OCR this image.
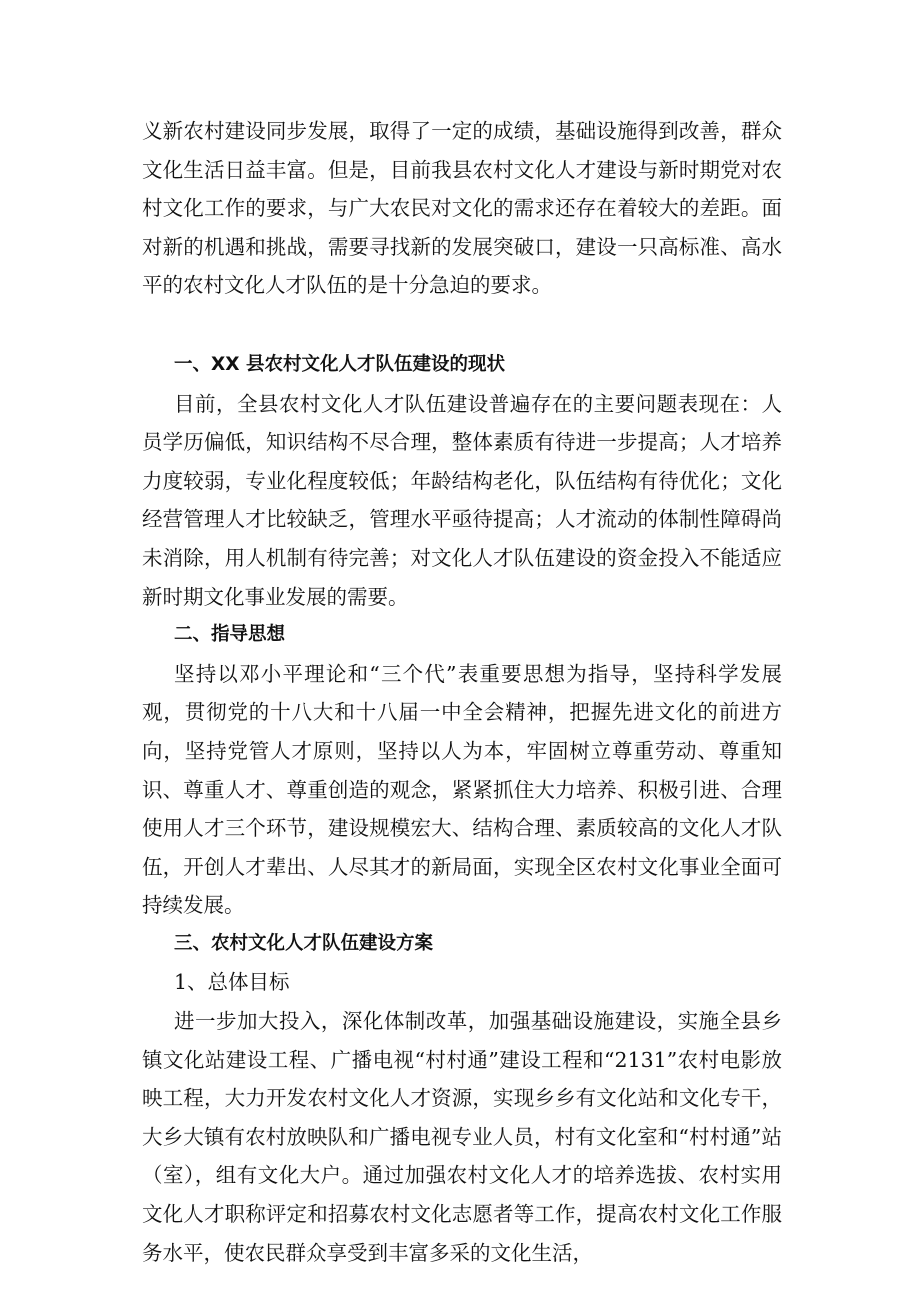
义新农村建设同步发展，取得了一定的成绩，基础设施得到改善，群众文化生活日益丰富。但是，目前我县农村文化人才建设与新时期党对农村文化工作的要求，与广大农民对文化的需求还存在着较大的差距。面对新的机遇和挑战，需要寻找新的发展突破口，建设一只高标准、高水平的农村文化人才队伍的是十分急迫的要求。

一、XX 县农村文化人才队伍建设的现状

目前，全县农村文化人才队伍建设普遍存在的主要问题表现在：人员学历偏低，知识结构不尽合理，整体素质有待进一步提高；人才培养力度较弱，专业化程度较低；年龄结构老化，队伍结构有待优化；文化经营管理人才比较缺乏，管理水平亟待提高；人才流动的体制性障碍尚未消除，用人机制有待完善；对文化人才队伍建设的资金投入不能适应新时期文化事业发展的需要。

二、指导思想

坚持以邓小平理论和“三个代”表重要思想为指导，坚持科学发展观，贯彻党的十八大和十八届一中全会精神，把握先进文化的前进方向，坚持党管人才原则，坚持以人为本，牢固树立尊重劳动、尊重知识、尊重人才、尊重创造的观念，紧紧抓住大力培养、积极引进、合理使用人才三个环节，建设规模宏大、结构合理、素质较高的文化人才队伍，开创人才辈出、人尽其才的新局面，实现全区农村文化事业全面可持续发展。

三、农村文化人才队伍建设方案

1、总体目标

进一步加大投入，深化体制改革，加强基础设施建设，实施全县乡镇文化站建设工程、广播电视“村村通”建设工程和“2131”农村电影放映工程，大力开发农村文化人才资源，实现乡乡有文化站和文化专干，大乡大镇有农村放映队和广播电视专业人员，村有文化室和“村村通”站（室），组有文化大户。通过加强农村文化人才的培养选拔、农村实用文化人才职称评定和招募农村文化志愿者等工作，提高农村文化工作服务水平，使农民群众享受到丰富多采的文化生活，
